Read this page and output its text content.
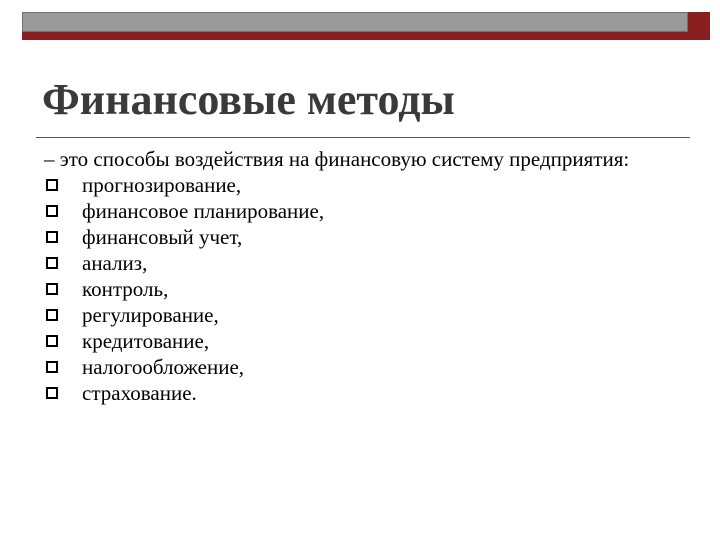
Финансовые методы

– это способы воздействия на финансовую систему предприятия:

прогнозирование,
финансовое планирование,
финансовый учет,
анализ,
контроль,
регулирование,
кредитование,
налогообложение,
страхование.
